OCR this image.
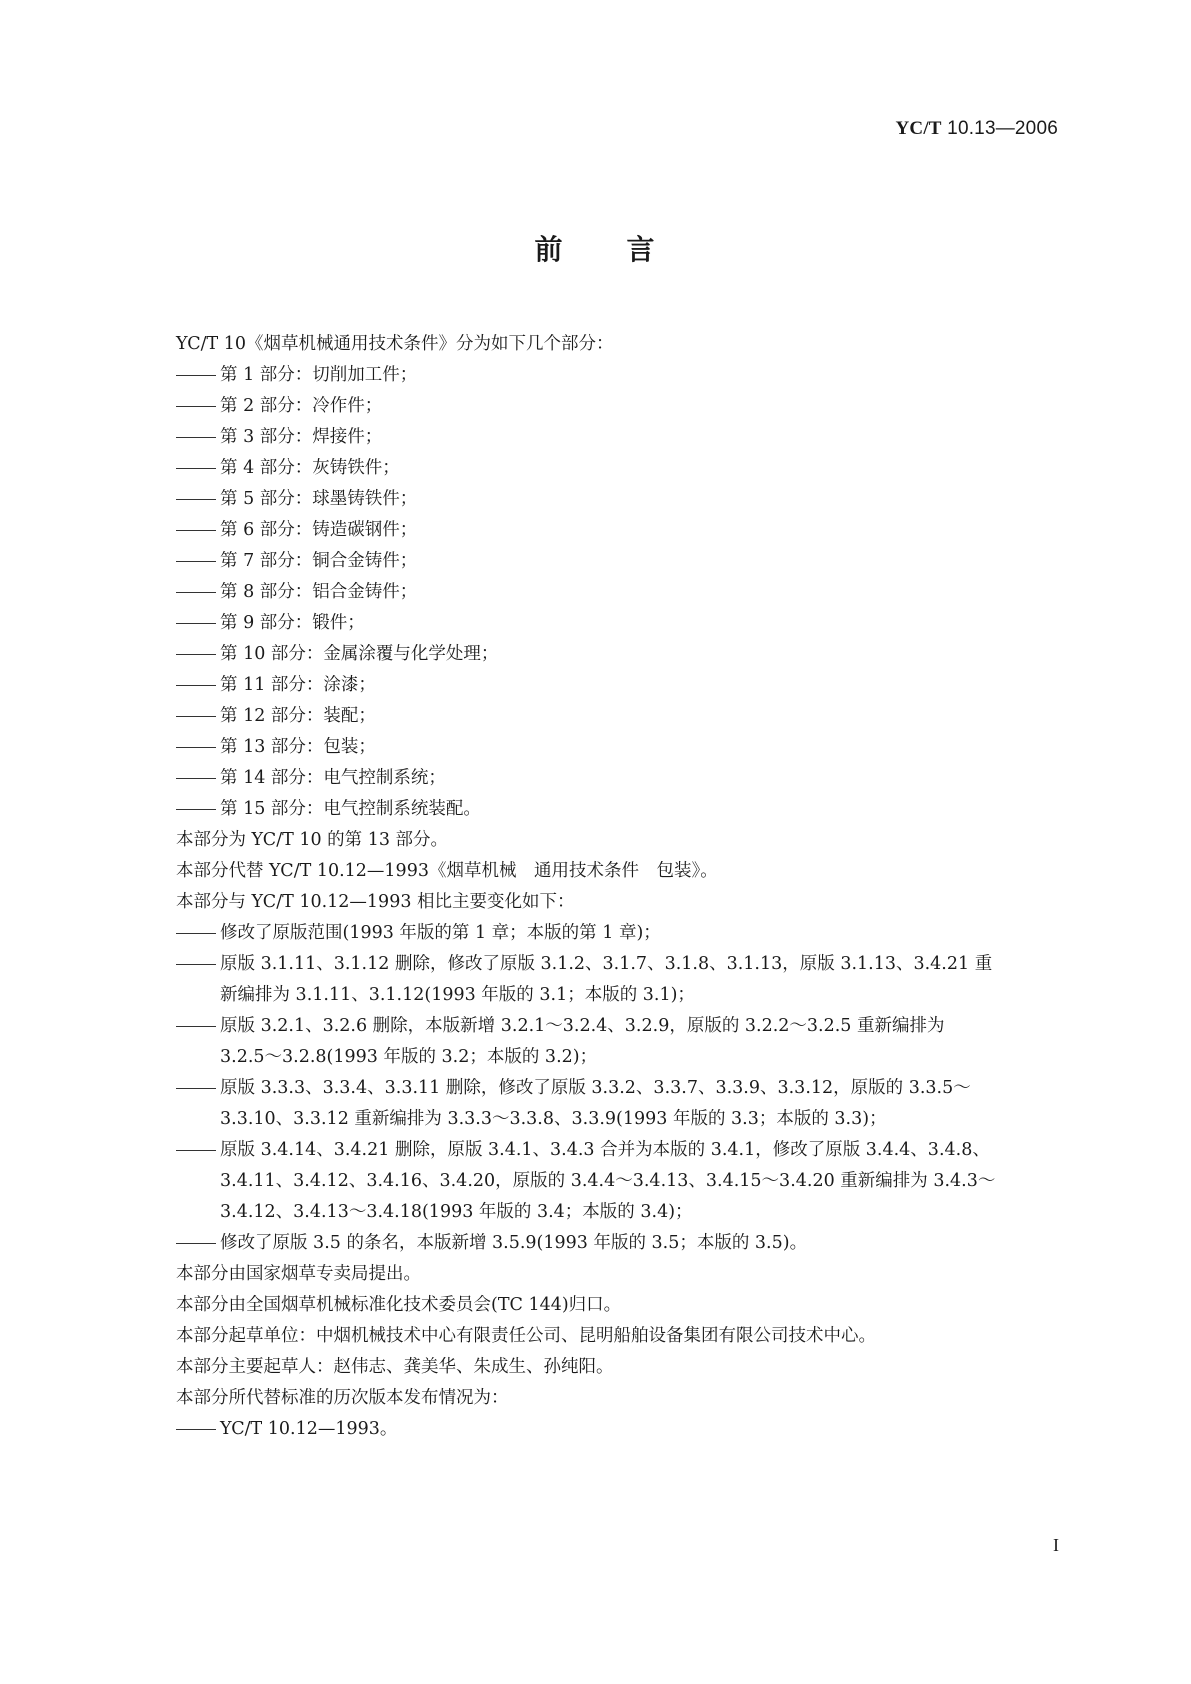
YC/T 10.13—2006
前 言
YC/T 10《烟草机械通用技术条件》分为如下几个部分：
第 1 部分：切削加工件；
第 2 部分：冷作件；
第 3 部分：焊接件；
第 4 部分：灰铸铁件；
第 5 部分：球墨铸铁件；
第 6 部分：铸造碳钢件；
第 7 部分：铜合金铸件；
第 8 部分：铝合金铸件；
第 9 部分：锻件；
第 10 部分：金属涂覆与化学处理；
第 11 部分：涂漆；
第 12 部分：装配；
第 13 部分：包装；
第 14 部分：电气控制系统；
第 15 部分：电气控制系统装配。
本部分为 YC/T 10 的第 13 部分。
本部分代替 YC/T 10.12—1993《烟草机械　通用技术条件　包装》。
本部分与 YC/T 10.12—1993 相比主要变化如下：
修改了原版范围(1993 年版的第 1 章；本版的第 1 章)；
原版 3.1.11、3.1.12 删除，修改了原版 3.1.2、3.1.7、3.1.8、3.1.13，原版 3.1.13、3.4.21 重
新编排为 3.1.11、3.1.12(1993 年版的 3.1；本版的 3.1)；
原版 3.2.1、3.2.6 删除，本版新增 3.2.1～3.2.4、3.2.9，原版的 3.2.2～3.2.5 重新编排为
3.2.5～3.2.8(1993 年版的 3.2；本版的 3.2)；
原版 3.3.3、3.3.4、3.3.11 删除，修改了原版 3.3.2、3.3.7、3.3.9、3.3.12，原版的 3.3.5～
3.3.10、3.3.12 重新编排为 3.3.3～3.3.8、3.3.9(1993 年版的 3.3；本版的 3.3)；
原版 3.4.14、3.4.21 删除，原版 3.4.1、3.4.3 合并为本版的 3.4.1，修改了原版 3.4.4、3.4.8、
3.4.11、3.4.12、3.4.16、3.4.20，原版的 3.4.4～3.4.13、3.4.15～3.4.20 重新编排为 3.4.3～
3.4.12、3.4.13～3.4.18(1993 年版的 3.4；本版的 3.4)；
修改了原版 3.5 的条名，本版新增 3.5.9(1993 年版的 3.5；本版的 3.5)。
本部分由国家烟草专卖局提出。
本部分由全国烟草机械标准化技术委员会(TC 144)归口。
本部分起草单位：中烟机械技术中心有限责任公司、昆明船舶设备集团有限公司技术中心。
本部分主要起草人：赵伟志、龚美华、朱成生、孙纯阳。
本部分所代替标准的历次版本发布情况为：
YC/T 10.12—1993。
I
